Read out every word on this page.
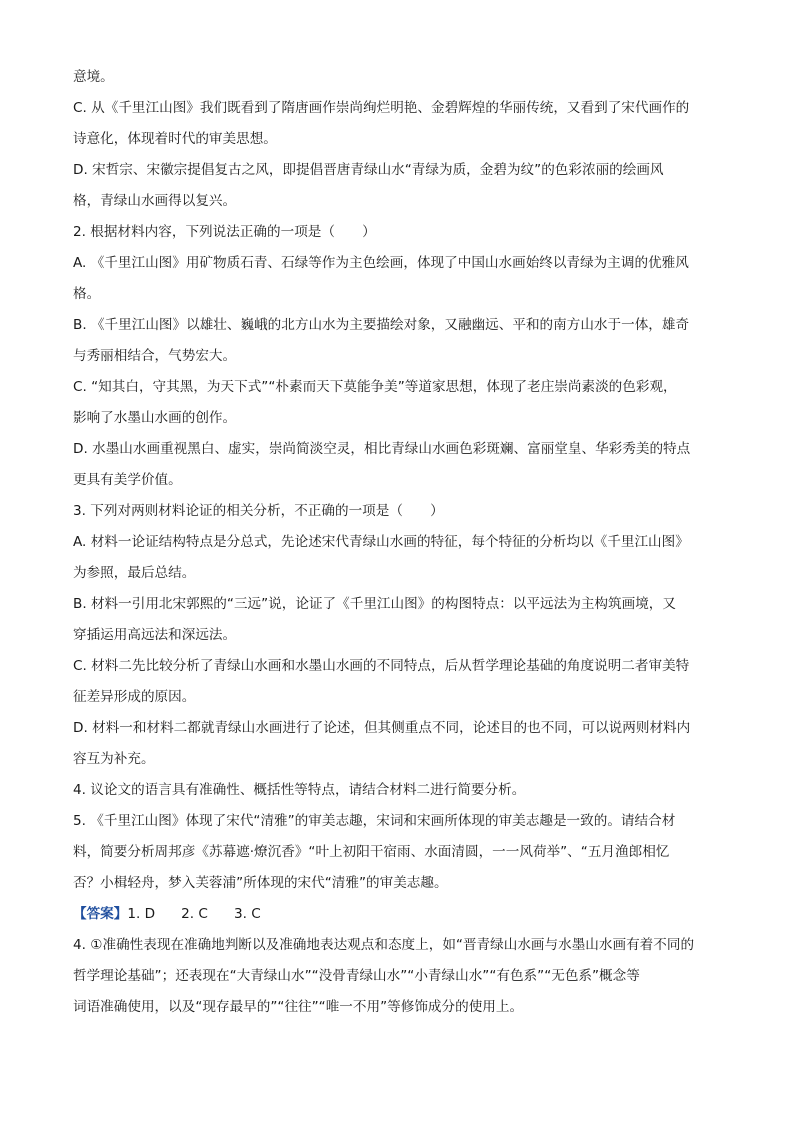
意境。
C. 从《千里江山图》我们既看到了隋唐画作崇尚绚烂明艳、金碧辉煌的华丽传统，又看到了宋代画作的
诗意化，体现着时代的审美思想。
D. 宋哲宗、宋徽宗提倡复古之风，即提倡晋唐青绿山水“青绿为质，金碧为纹”的色彩浓丽的绘画风
格，青绿山水画得以复兴。
2. 根据材料内容，下列说法正确的一项是（　　）
A. 《千里江山图》用矿物质石青、石绿等作为主色绘画，体现了中国山水画始终以青绿为主调的优雅风
格。
B. 《千里江山图》以雄壮、巍峨的北方山水为主要描绘对象，又融幽远、平和的南方山水于一体，雄奇
与秀丽相结合，气势宏大。
C. “知其白，守其黑，为天下式”“朴素而天下莫能争美”等道家思想，体现了老庄崇尚素淡的色彩观，
影响了水墨山水画的创作。
D. 水墨山水画重视黑白、虚实，崇尚简淡空灵，相比青绿山水画色彩斑斓、富丽堂皇、华彩秀美的特点
更具有美学价值。
3. 下列对两则材料论证的相关分析，不正确的一项是（　　）
A. 材料一论证结构特点是分总式，先论述宋代青绿山水画的特征，每个特征的分析均以《千里江山图》
为参照，最后总结。
B. 材料一引用北宋郭熙的“三远”说，论证了《千里江山图》的构图特点：以平远法为主构筑画境，又
穿插运用高远法和深远法。
C. 材料二先比较分析了青绿山水画和水墨山水画的不同特点，后从哲学理论基础的角度说明二者审美特
征差异形成的原因。
D. 材料一和材料二都就青绿山水画进行了论述，但其侧重点不同，论述目的也不同，可以说两则材料内
容互为补充。
4. 议论文的语言具有准确性、概括性等特点，请结合材料二进行简要分析。
5. 《千里江山图》体现了宋代“清雅”的审美志趣，宋词和宋画所体现的审美志趣是一致的。请结合材
料，简要分析周邦彦《苏幕遮·燎沉香》“叶上初阳干宿雨、水面清圆，一一风荷举”、“五月渔郎相忆
否？小楫轻舟，梦入芙蓉浦”所体现的宋代“清雅”的审美志趣。
【答案】1. D 2. C 3. C
4. ①准确性表现在准确地判断以及准确地表达观点和态度上，如“晋青绿山水画与水墨山水画有着不同的
哲学理论基础”；还表现在“大青绿山水”“没骨青绿山水”“小青绿山水”“有色系”“无色系”概念等
词语准确使用，以及“现存最早的”“往往”“唯一不用”等修饰成分的使用上。
